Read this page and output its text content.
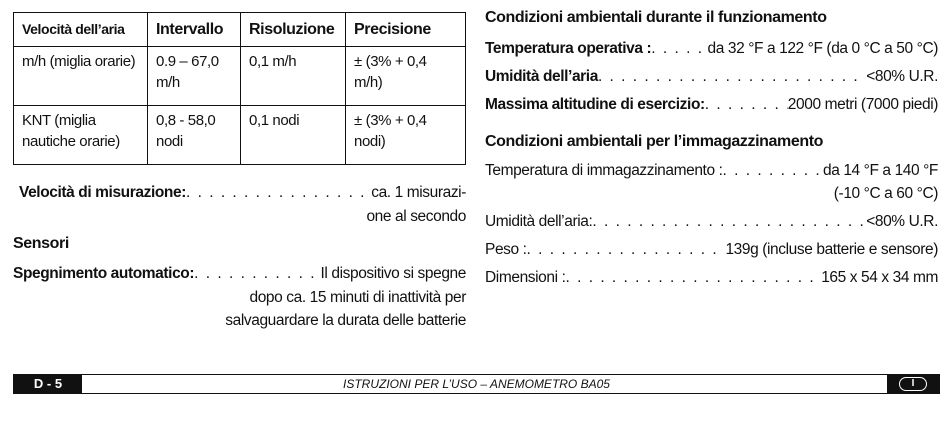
Velocità dell’aria	Intervallo	Risoluzione	Precisione
m/h (miglia orarie)	0.9 – 67,0 m/h	0,1 m/h	± (3% + 0,4 m/h)
KNT (miglia nautiche orarie)	0,8 - 58,0 nodi	0,1 nodi	± (3% + 0,4 nodi)
Velocità di misurazione: . . .	ca. 1 misurazi-
one al secondo
Sensori
Spegnimento automatico: . . .	Il dispositivo si spegne
dopo ca. 15 minuti di inattività per
salvaguardare la durata delle batterie
Condizioni ambientali durante il funzionamento
Temperatura operativa : . . .	da 32 °F a 122 °F (da 0 °C a 50 °C)
Umidità dell’aria . . .	<80% U.R.
Massima altitudine di esercizio: . . .	2000 metri (7000 piedi)
Condizioni ambientali per l’immagazzinamento
Temperatura di immagazzinamento : . . .	da 14 °F a 140 °F
(-10 °C a 60 °C)
Umidità dell’aria: . . .	<80% U.R.
Peso : . . .	139g (incluse batterie e sensore)
Dimensioni : . . .	165 x 54 x 34 mm
ISTRUZIONI PER L’USO – ANEMOMETRO BA05
D - 5	I
